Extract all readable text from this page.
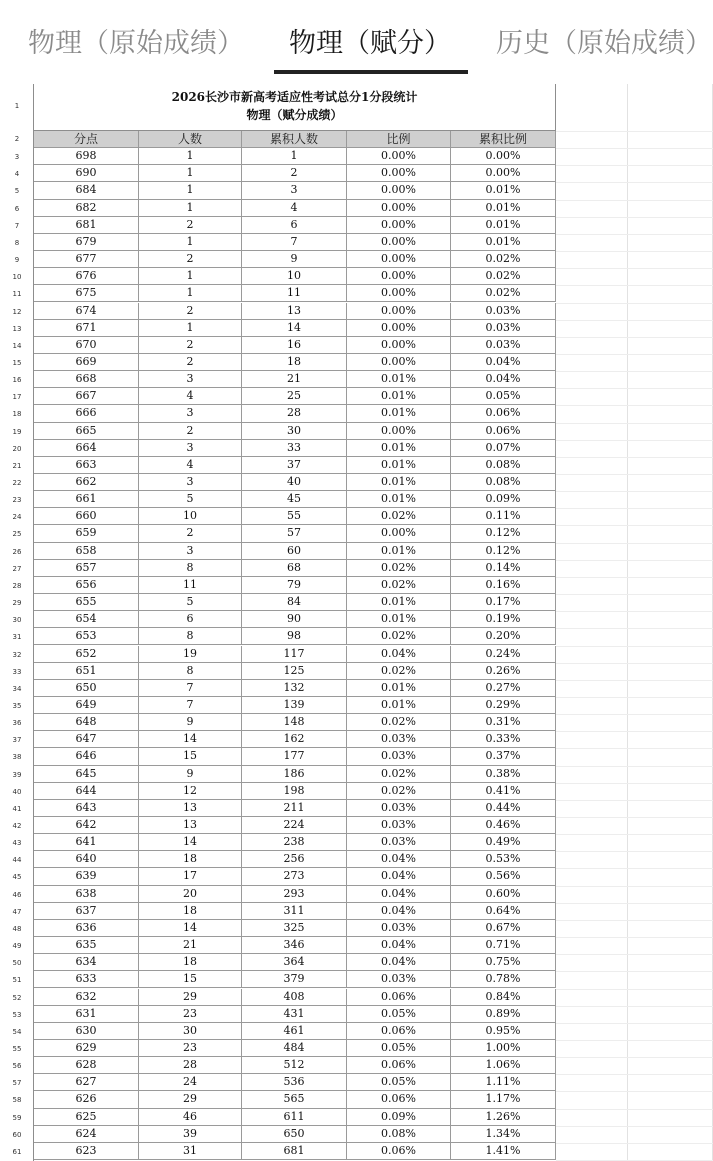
物理（原始成绩） 物理（赋分） 历史（原始成绩）
1
2
3
4
5
6
7
8
9
10
11
12
13
14
15
16
17
18
19
20
21
22
23
24
25
26
27
28
29
30
31
32
33
34
35
36
37
38
39
40
41
42
43
44
45
46
47
48
49
50
51
52
53
54
55
56
57
58
59
60
61
2026长沙市新高考适应性考试总分1分段统计
物理（赋分成绩）
分点	人数	累积人数	比例	累积比例
698	1	1	0.00%	0.00%
690	1	2	0.00%	0.00%
684	1	3	0.00%	0.01%
682	1	4	0.00%	0.01%
681	2	6	0.00%	0.01%
679	1	7	0.00%	0.01%
677	2	9	0.00%	0.02%
676	1	10	0.00%	0.02%
675	1	11	0.00%	0.02%
674	2	13	0.00%	0.03%
671	1	14	0.00%	0.03%
670	2	16	0.00%	0.03%
669	2	18	0.00%	0.04%
668	3	21	0.01%	0.04%
667	4	25	0.01%	0.05%
666	3	28	0.01%	0.06%
665	2	30	0.00%	0.06%
664	3	33	0.01%	0.07%
663	4	37	0.01%	0.08%
662	3	40	0.01%	0.08%
661	5	45	0.01%	0.09%
660	10	55	0.02%	0.11%
659	2	57	0.00%	0.12%
658	3	60	0.01%	0.12%
657	8	68	0.02%	0.14%
656	11	79	0.02%	0.16%
655	5	84	0.01%	0.17%
654	6	90	0.01%	0.19%
653	8	98	0.02%	0.20%
652	19	117	0.04%	0.24%
651	8	125	0.02%	0.26%
650	7	132	0.01%	0.27%
649	7	139	0.01%	0.29%
648	9	148	0.02%	0.31%
647	14	162	0.03%	0.33%
646	15	177	0.03%	0.37%
645	9	186	0.02%	0.38%
644	12	198	0.02%	0.41%
643	13	211	0.03%	0.44%
642	13	224	0.03%	0.46%
641	14	238	0.03%	0.49%
640	18	256	0.04%	0.53%
639	17	273	0.04%	0.56%
638	20	293	0.04%	0.60%
637	18	311	0.04%	0.64%
636	14	325	0.03%	0.67%
635	21	346	0.04%	0.71%
634	18	364	0.04%	0.75%
633	15	379	0.03%	0.78%
632	29	408	0.06%	0.84%
631	23	431	0.05%	0.89%
630	30	461	0.06%	0.95%
629	23	484	0.05%	1.00%
628	28	512	0.06%	1.06%
627	24	536	0.05%	1.11%
626	29	565	0.06%	1.17%
625	46	611	0.09%	1.26%
624	39	650	0.08%	1.34%
623	31	681	0.06%	1.41%
